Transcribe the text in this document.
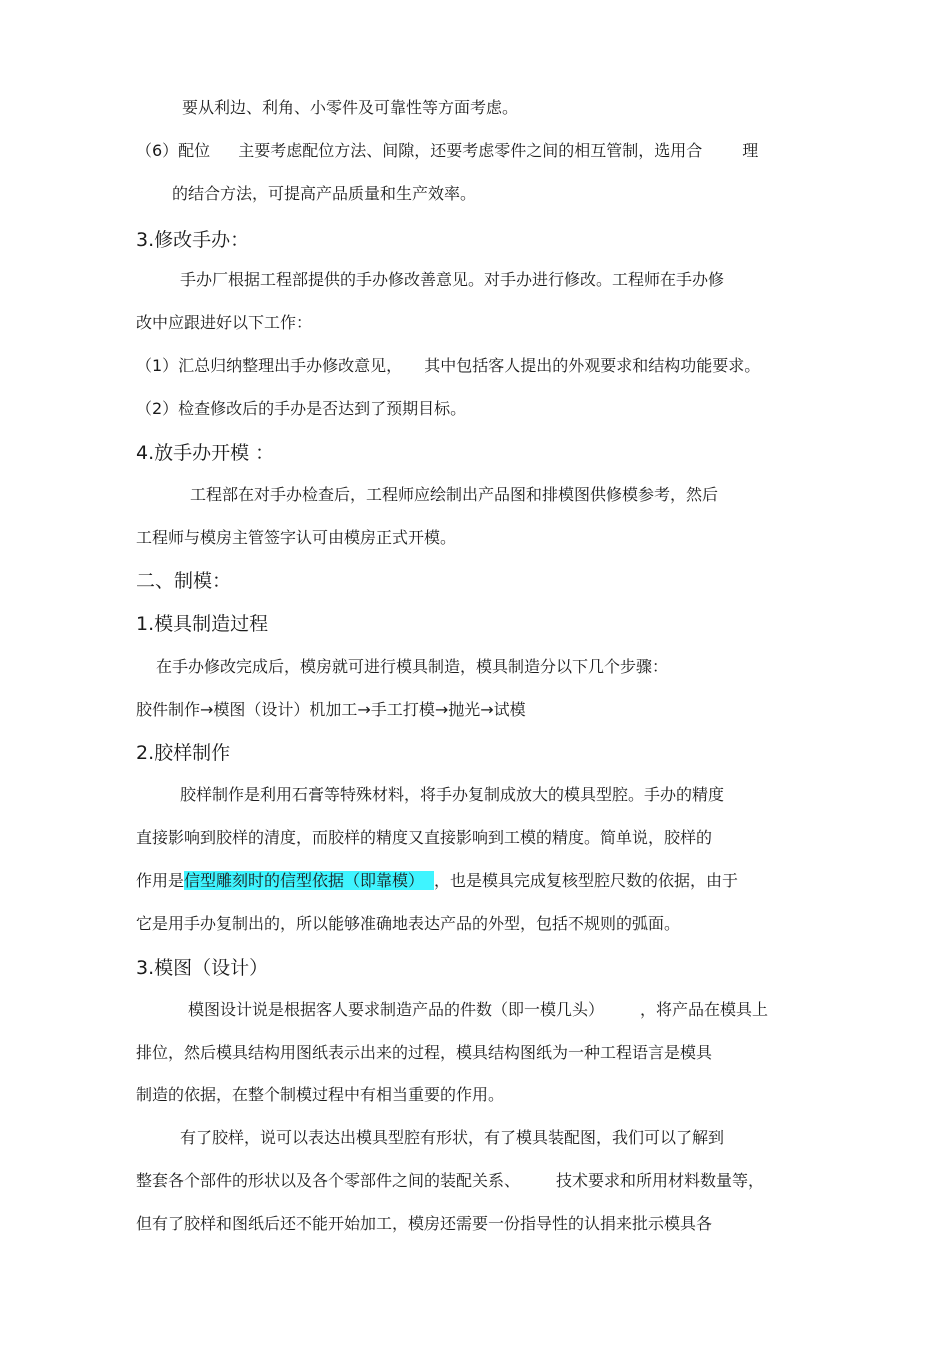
要从利边、利角、小零件及可靠性等方面考虑。
（6）配位 主要考虑配位方法、间隙，还要考虑零件之间的相互管制，选用合	理
的结合方法，可提高产品质量和生产效率。
3.修改手办：
手办厂根据工程部提供的手办修改善意见。对手办进行修改。工程师在手办修
改中应跟进好以下工作：
（1）汇总归纳整理出手办修改意见， 其中包括客人提出的外观要求和结构功能要求。
（2）检查修改后的手办是否达到了预期目标。
4.放手办开模 ：
工程部在对手办检查后，工程师应绘制出产品图和排模图供修模参考，然后
工程师与模房主管签字认可由模房正式开模。
二、制模：
1.模具制造过程
在手办修改完成后，模房就可进行模具制造，模具制造分以下几个步骤：
胶件制作→模图（设计）机加工→手工打模→抛光→试模
2.胶样制作
胶样制作是利用石膏等特殊材料，将手办复制成放大的模具型腔。手办的精度
直接影响到胶样的清度，而胶样的精度又直接影响到工模的精度。简单说，胶样的
作用是信型雕刻时的信型依据（即靠模） ，也是模具完成复核型腔尺数的依据，由于
它是用手办复制出的，所以能够准确地表达产品的外型，包括不规则的弧面。
3.模图（设计）
模图设计说是根据客人要求制造产品的件数（即一模几头） ，将产品在模具上
排位，然后模具结构用图纸表示出来的过程，模具结构图纸为一种工程语言是模具
制造的依据，在整个制模过程中有相当重要的作用。
有了胶样，说可以表达出模具型腔有形状，有了模具装配图，我们可以了解到
整套各个部件的形状以及各个零部件之间的装配关系、 技术要求和所用材料数量等，
但有了胶样和图纸后还不能开始加工，模房还需要一份指导性的认捐来批示模具各
